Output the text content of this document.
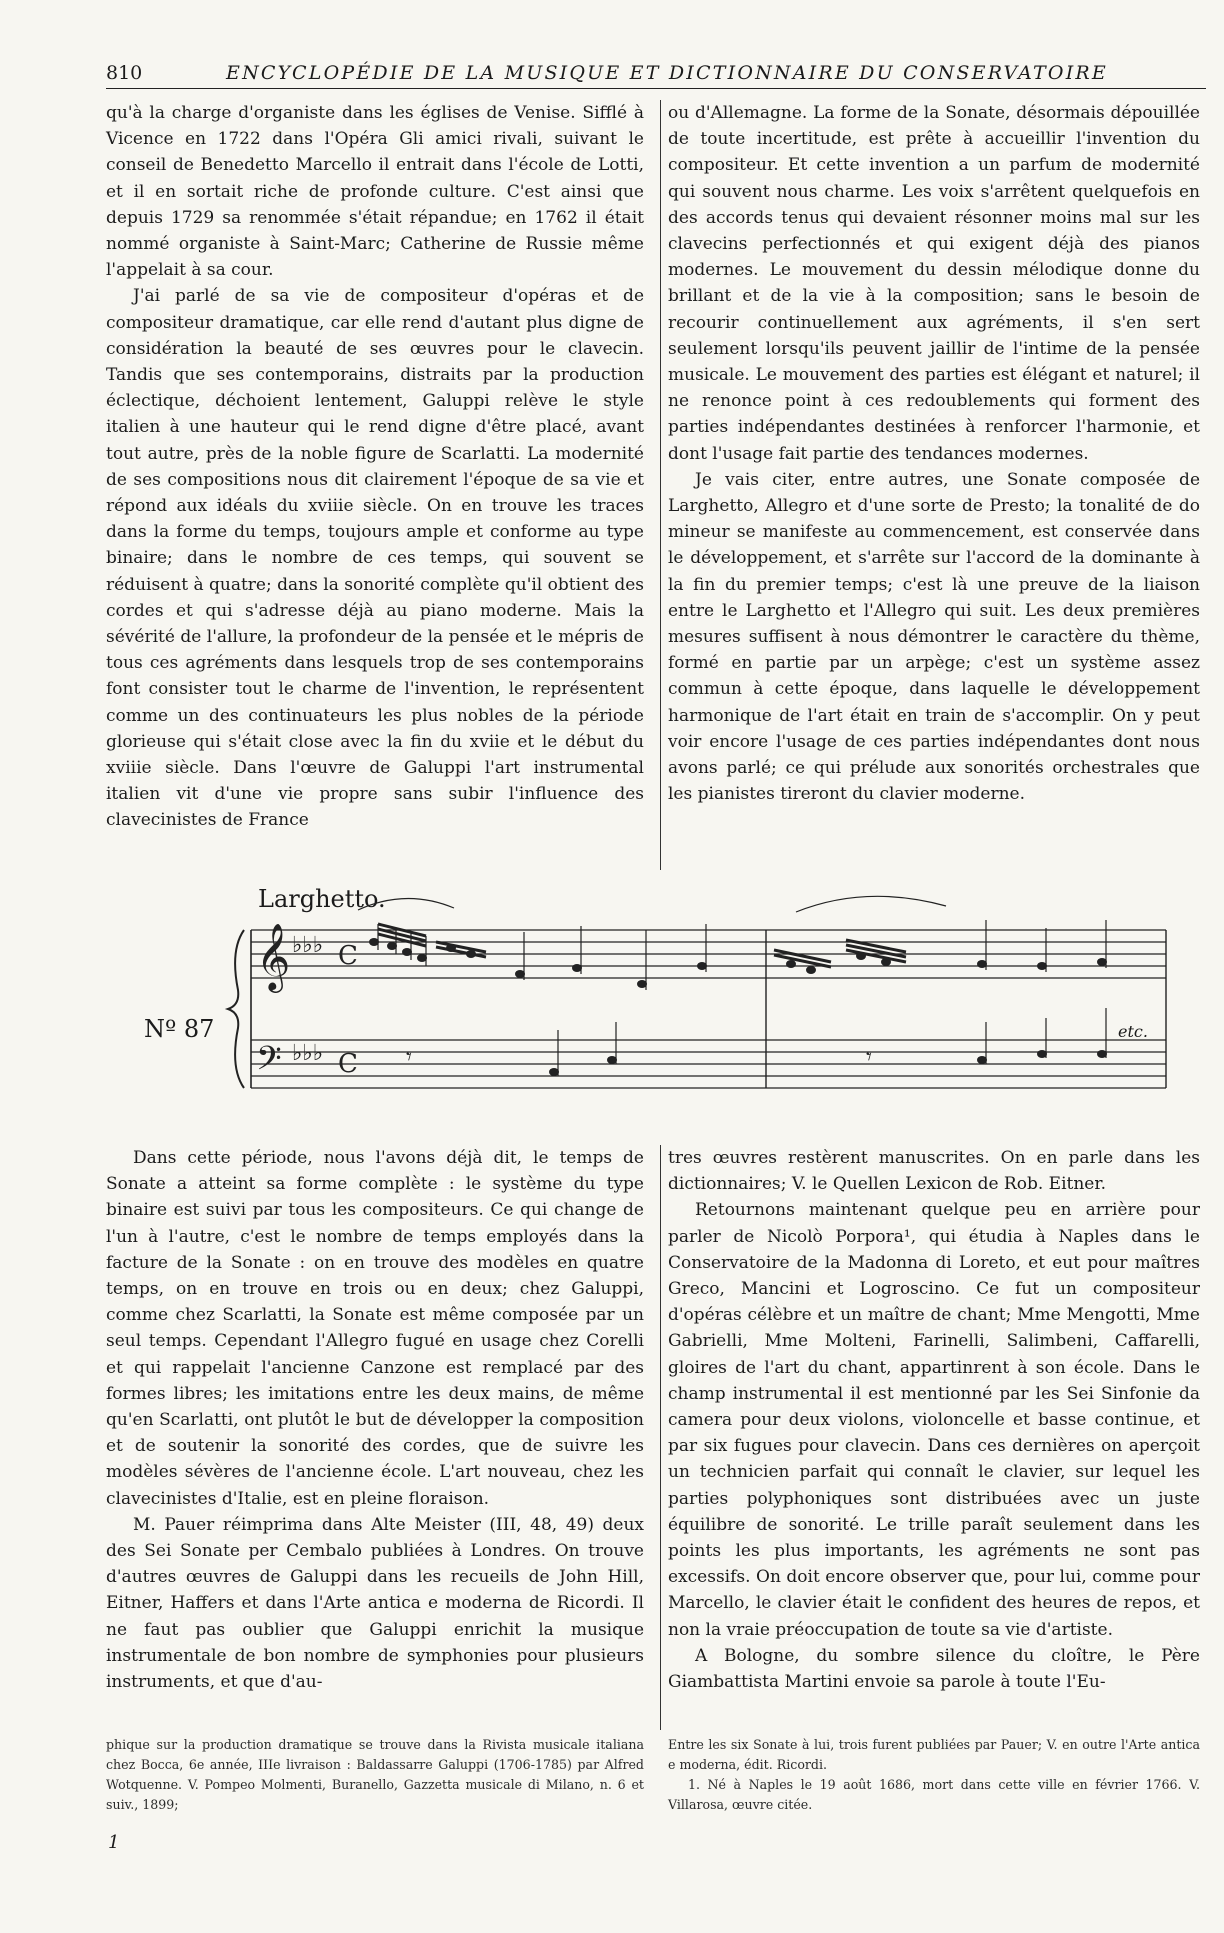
810	ENCYCLOPÉDIE DE LA MUSIQUE ET DICTIONNAIRE DU CONSERVATOIRE

qu'à la charge d'organiste dans les églises de Venise. Sifflé à Vicence en 1722 dans l'Opéra Gli amici rivali, suivant le conseil de Benedetto Marcello il entrait dans l'école de Lotti, et il en sortait riche de profonde culture. C'est ainsi que depuis 1729 sa renommée s'était répandue; en 1762 il était nommé organiste à Saint-Marc; Catherine de Russie même l'appelait à sa cour.

J'ai parlé de sa vie de compositeur d'opéras et de compositeur dramatique, car elle rend d'autant plus digne de considération la beauté de ses œuvres pour le clavecin. Tandis que ses contemporains, distraits par la production éclectique, déchoient lentement, Galuppi relève le style italien à une hauteur qui le rend digne d'être placé, avant tout autre, près de la noble figure de Scarlatti. La modernité de ses compositions nous dit clairement l'époque de sa vie et répond aux idéals du xviiie siècle. On en trouve les traces dans la forme du temps, toujours ample et conforme au type binaire; dans le nombre de ces temps, qui souvent se réduisent à quatre; dans la sonorité complète qu'il obtient des cordes et qui s'adresse déjà au piano moderne. Mais la sévérité de l'allure, la profondeur de la pensée et le mépris de tous ces agréments dans lesquels trop de ses contemporains font consister tout le charme de l'invention, le représentent comme un des continuateurs les plus nobles de la période glorieuse qui s'était close avec la fin du xviie et le début du xviiie siècle. Dans l'œuvre de Galuppi l'art instrumental italien vit d'une vie propre sans subir l'influence des clavecinistes de France

ou d'Allemagne. La forme de la Sonate, désormais dépouillée de toute incertitude, est prête à accueillir l'invention du compositeur. Et cette invention a un parfum de modernité qui souvent nous charme. Les voix s'arrêtent quelquefois en des accords tenus qui devaient résonner moins mal sur les clavecins perfectionnés et qui exigent déjà des pianos modernes. Le mouvement du dessin mélodique donne du brillant et de la vie à la composition; sans le besoin de recourir continuellement aux agréments, il s'en sert seulement lorsqu'ils peuvent jaillir de l'intime de la pensée musicale. Le mouvement des parties est élégant et naturel; il ne renonce point à ces redoublements qui forment des parties indépendantes destinées à renforcer l'harmonie, et dont l'usage fait partie des tendances modernes.

Je vais citer, entre autres, une Sonate composée de Larghetto, Allegro et d'une sorte de Presto; la tonalité de do mineur se manifeste au commencement, est conservée dans le développement, et s'arrête sur l'accord de la dominante à la fin du premier temps; c'est là une preuve de la liaison entre le Larghetto et l'Allegro qui suit. Les deux premières mesures suffisent à nous démontrer le caractère du thème, formé en partie par un arpège; c'est un système assez commun à cette époque, dans laquelle le développement harmonique de l'art était en train de s'accomplir. On y peut voir encore l'usage de ces parties indépendantes dont nous avons parlé; ce qui prélude aux sonorités orchestrales que les pianistes tireront du clavier moderne.

Larghetto.
Nº 87	etc.
𝄞
𝄢
♭♭♭
♭♭♭
C
C 𝄾	𝄾

Dans cette période, nous l'avons déjà dit, le temps de Sonate a atteint sa forme complète : le système du type binaire est suivi par tous les compositeurs. Ce qui change de l'un à l'autre, c'est le nombre de temps employés dans la facture de la Sonate : on en trouve des modèles en quatre temps, on en trouve en trois ou en deux; chez Galuppi, comme chez Scarlatti, la Sonate est même composée par un seul temps. Cependant l'Allegro fugué en usage chez Corelli et qui rappelait l'ancienne Canzone est remplacé par des formes libres; les imitations entre les deux mains, de même qu'en Scarlatti, ont plutôt le but de développer la composition et de soutenir la sonorité des cordes, que de suivre les modèles sévères de l'ancienne école. L'art nouveau, chez les clavecinistes d'Italie, est en pleine floraison.

M. Pauer réimprima dans Alte Meister (III, 48, 49) deux des Sei Sonate per Cembalo publiées à Londres. On trouve d'autres œuvres de Galuppi dans les recueils de John Hill, Eitner, Haffers et dans l'Arte antica e moderna de Ricordi. Il ne faut pas oublier que Galuppi enrichit la musique instrumentale de bon nombre de symphonies pour plusieurs instruments, et que d'au-

tres œuvres restèrent manuscrites. On en parle dans les dictionnaires; V. le Quellen Lexicon de Rob. Eitner.

Retournons maintenant quelque peu en arrière pour parler de Nicolò Porpora¹, qui étudia à Naples dans le Conservatoire de la Madonna di Loreto, et eut pour maîtres Greco, Mancini et Logroscino. Ce fut un compositeur d'opéras célèbre et un maître de chant; Mme Mengotti, Mme Gabrielli, Mme Molteni, Farinelli, Salimbeni, Caffarelli, gloires de l'art du chant, appartinrent à son école. Dans le champ instrumental il est mentionné par les Sei Sinfonie da camera pour deux violons, violoncelle et basse continue, et par six fugues pour clavecin. Dans ces dernières on aperçoit un technicien parfait qui connaît le clavier, sur lequel les parties polyphoniques sont distribuées avec un juste équilibre de sonorité. Le trille paraît seulement dans les points les plus importants, les agréments ne sont pas excessifs. On doit encore observer que, pour lui, comme pour Marcello, le clavier était le confident des heures de repos, et non la vraie préoccupation de toute sa vie d'artiste.

A Bologne, du sombre silence du cloître, le Père Giambattista Martini envoie sa parole à toute l'Eu-

phique sur la production dramatique se trouve dans la Rivista musicale italiana chez Bocca, 6e année, IIIe livraison : Baldassarre Galuppi (1706-1785) par Alfred Wotquenne. V. Pompeo Molmenti, Buranello, Gazzetta musicale di Milano, n. 6 et suiv., 1899;

Entre les six Sonate à lui, trois furent publiées par Pauer; V. en outre l'Arte antica e moderna, édit. Ricordi.

1. Né à Naples le 19 août 1686, mort dans cette ville en février 1766. V. Villarosa, œuvre citée.

1
